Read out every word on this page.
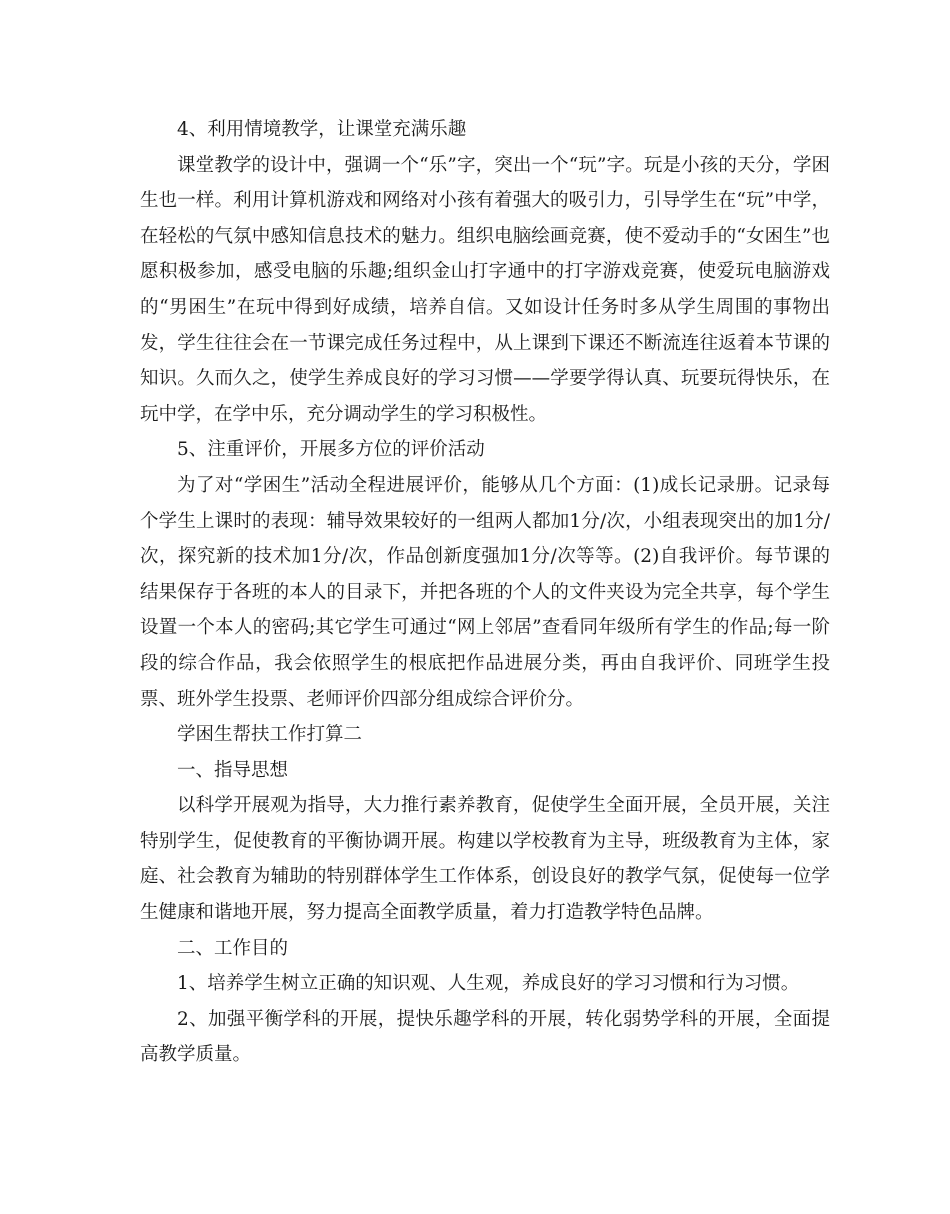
4、利用情境教学，让课堂充满乐趣

课堂教学的设计中，强调一个“乐”字，突出一个“玩”字。玩是小孩的天分，学困生也一样。利用计算机游戏和网络对小孩有着强大的吸引力，引导学生在“玩”中学，在轻松的气氛中感知信息技术的魅力。组织电脑绘画竞赛，使不爱动手的“女困生”也愿积极参加，感受电脑的乐趣;组织金山打字通中的打字游戏竞赛，使爱玩电脑游戏的“男困生”在玩中得到好成绩，培养自信。又如设计任务时多从学生周围的事物出发，学生往往会在一节课完成任务过程中，从上课到下课还不断流连往返着本节课的知识。久而久之，使学生养成良好的学习习惯——学要学得认真、玩要玩得快乐，在玩中学，在学中乐，充分调动学生的学习积极性。

5、注重评价，开展多方位的评价活动

为了对“学困生”活动全程进展评价，能够从几个方面：(1)成长记录册。记录每个学生上课时的表现：辅导效果较好的一组两人都加1分/次，小组表现突出的加1分/次，探究新的技术加1分/次，作品创新度强加1分/次等等。(2)自我评价。每节课的结果保存于各班的本人的目录下，并把各班的个人的文件夹设为完全共享，每个学生设置一个本人的密码;其它学生可通过“网上邻居”查看同年级所有学生的作品;每一阶段的综合作品，我会依照学生的根底把作品进展分类，再由自我评价、同班学生投票、班外学生投票、老师评价四部分组成综合评价分。

学困生帮扶工作打算二

一、指导思想

以科学开展观为指导，大力推行素养教育，促使学生全面开展，全员开展，关注特别学生，促使教育的平衡协调开展。构建以学校教育为主导，班级教育为主体，家庭、社会教育为辅助的特别群体学生工作体系，创设良好的教学气氛，促使每一位学生健康和谐地开展，努力提高全面教学质量，着力打造教学特色品牌。

二、工作目的

1、培养学生树立正确的知识观、人生观，养成良好的学习习惯和行为习惯。

2、加强平衡学科的开展，提快乐趣学科的开展，转化弱势学科的开展，全面提高教学质量。
